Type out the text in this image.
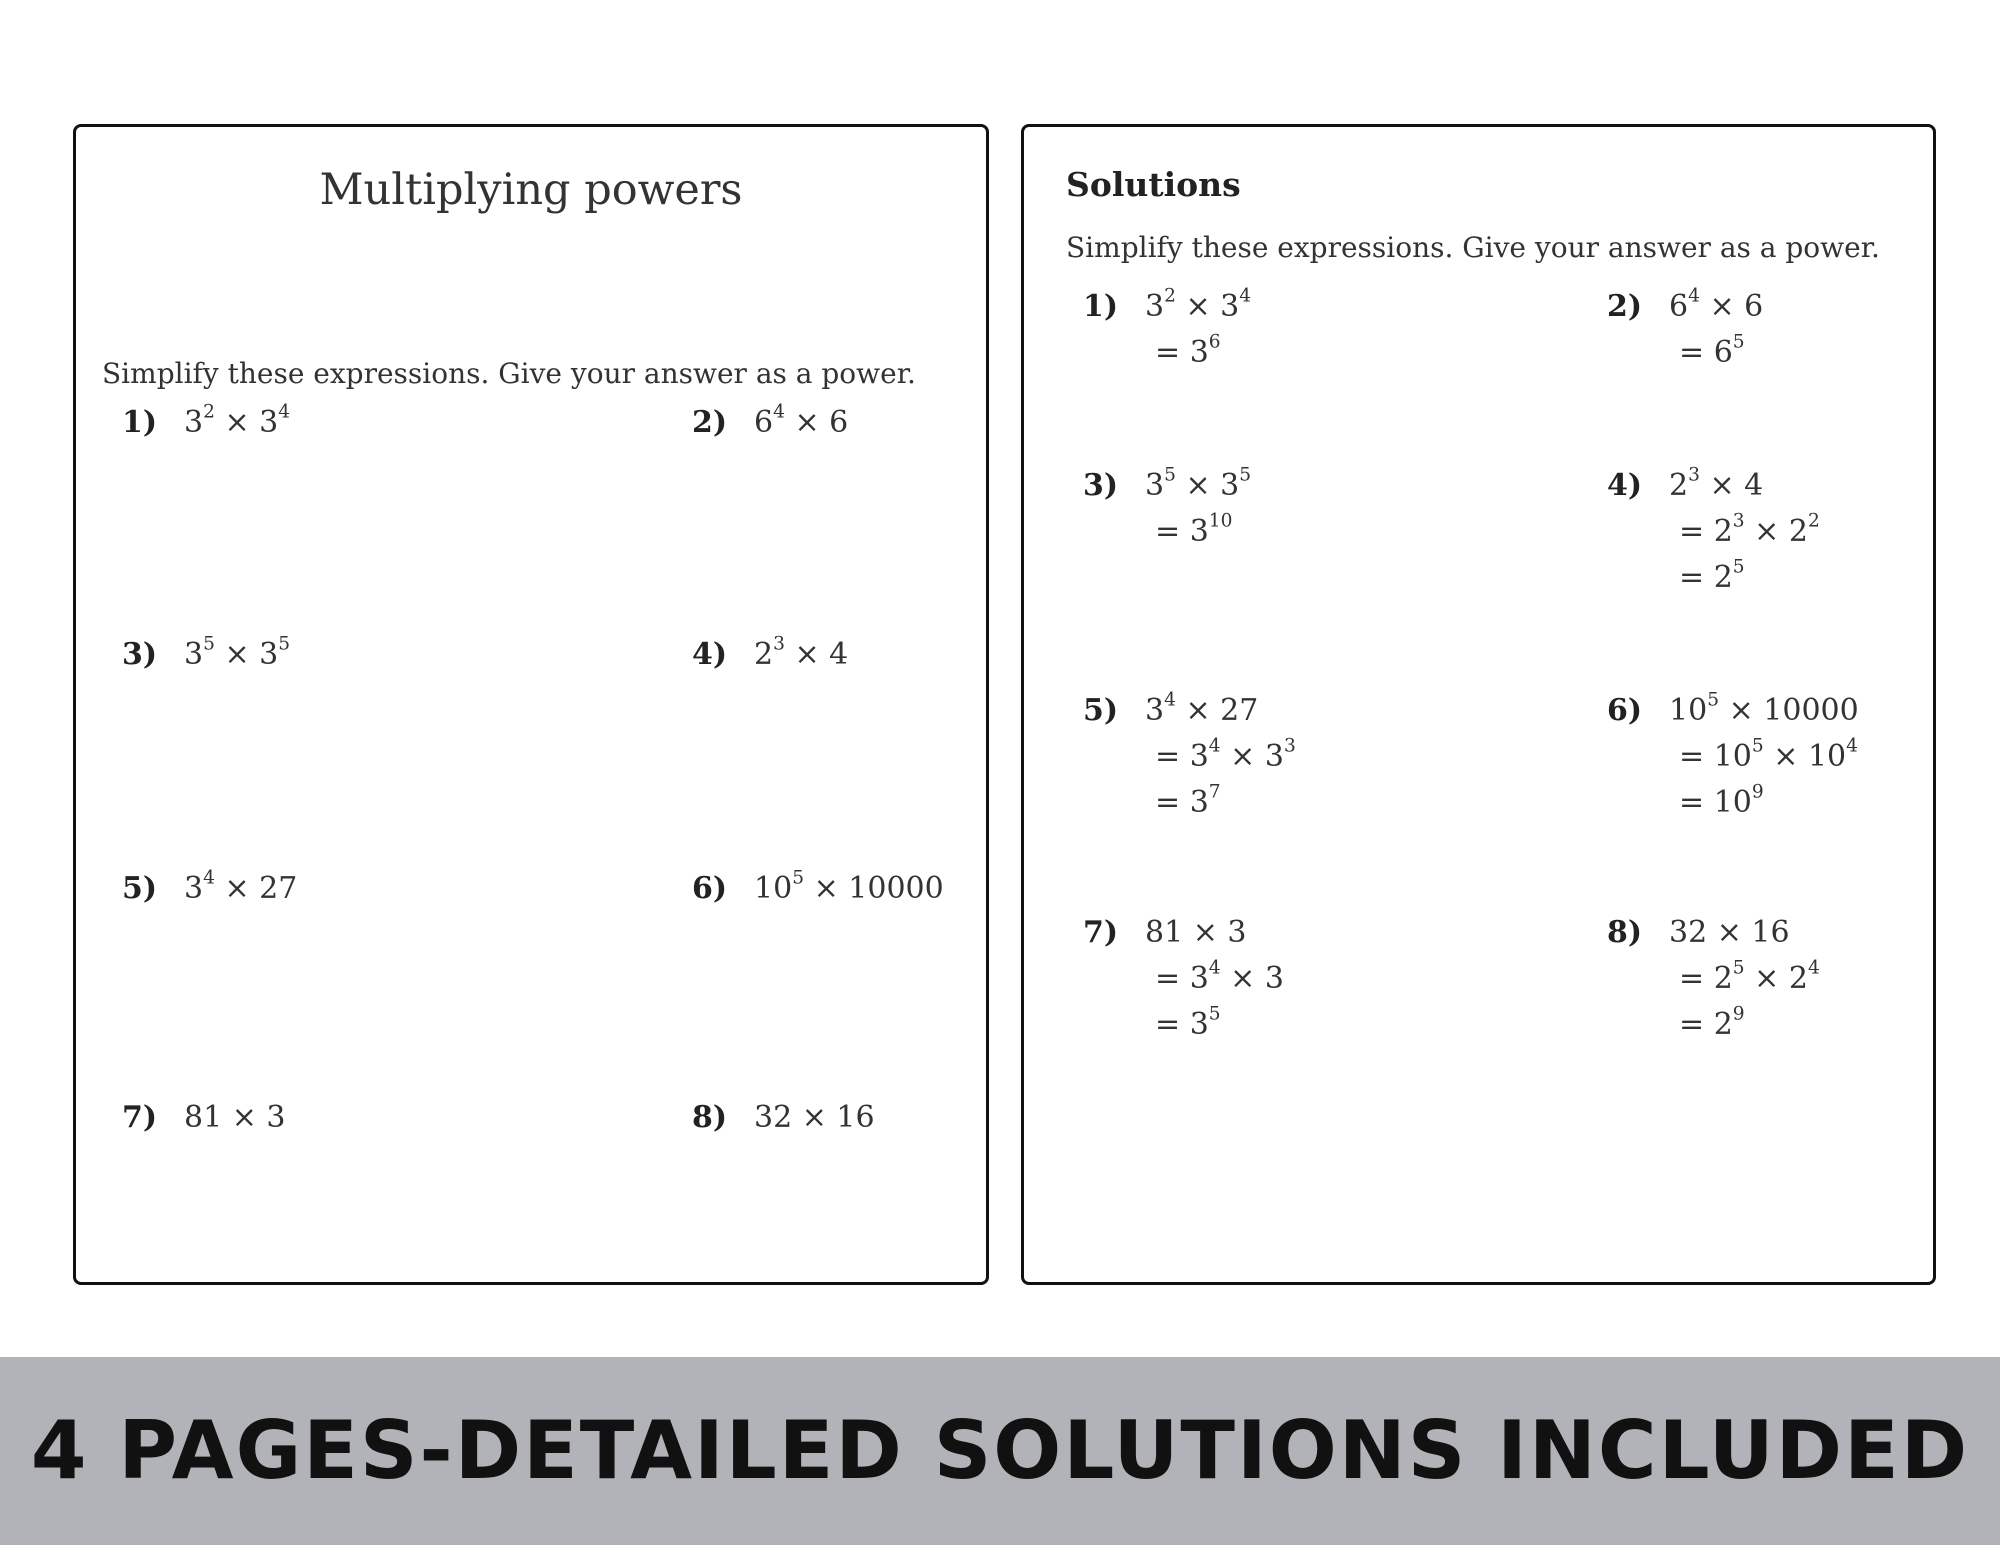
Multiplying powers
Simplify these expressions. Give your answer as a power.
1) $3^2 \times 3^4$	2) $6^4 \times 6$
3) $3^5 \times 3^5$	4) $2^3 \times 4$
5) $3^4 \times 27$	6) $10^5 \times 10000$
7) 81 × 3	8) 32 × 16
Solutions
Simplify these expressions. Give your answer as a power.
1) $3^2 \times 3^4$
= $3^6$
2) $6^4 \times 6$
= $6^5$
3) $3^5 \times 3^5$
= $3^{10}$
4) $2^3 \times 4$
= $2^3 \times 2^2$
= $2^5$
5) $3^4 \times 27$
= $3^4 \times 3^3$
= $3^7$
6) $10^5 \times 10000$
= $10^5 \times 10^4$
= $10^9$
7) 81 × 3
= $3^4 \times 3$
= $3^5$
8) 32 × 16
= $2^5 \times 2^4$
= $2^9$
4 PAGES-DETAILED SOLUTIONS INCLUDED
